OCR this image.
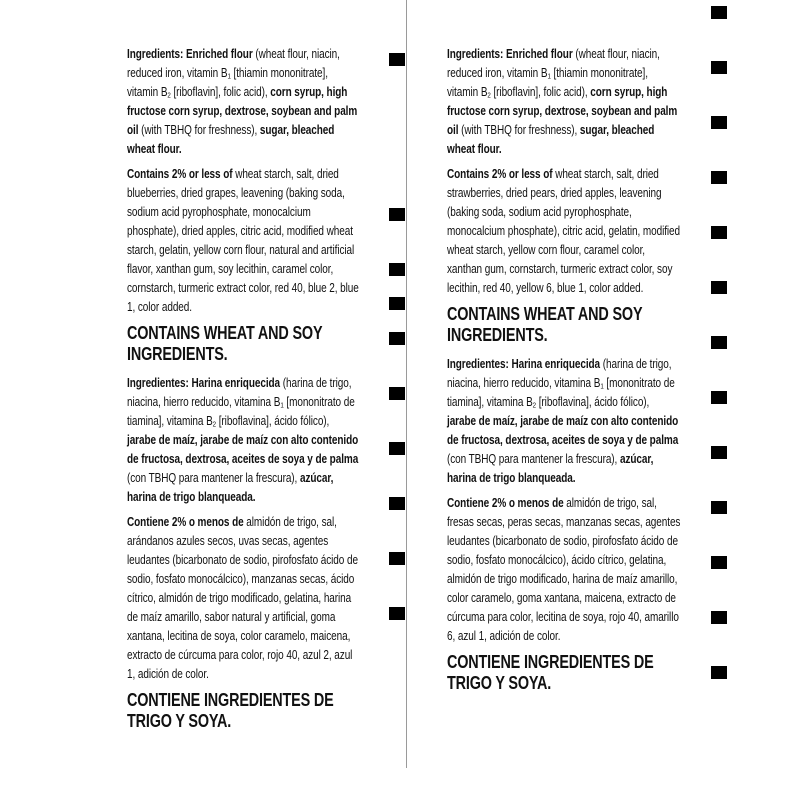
Ingredients: Enriched flour (wheat flour, niacin, reduced iron, vitamin $B_1$ [thiamin mononitrate], vitamin $B_2$ [riboflavin], folic acid), corn syrup, high fructose corn syrup, dextrose, soybean and palm oil (with TBHQ for freshness), sugar, bleached wheat flour.

Contains 2% or less of wheat starch, salt, dried blueberries, dried grapes, leavening (baking soda, sodium acid pyrophosphate, monocalcium phosphate), dried apples, citric acid, modified wheat starch, gelatin, yellow corn flour, natural and artificial flavor, xanthan gum, soy lecithin, caramel color, cornstarch, turmeric extract color, red 40, blue 2, blue 1, color added.

CONTAINS WHEAT AND SOY INGREDIENTS.

Ingredientes: Harina enriquecida (harina de trigo, niacina, hierro reducido, vitamina $B_1$ [mononitrato de tiamina], vitamina $B_2$ [riboflavina], ácido fólico), jarabe de maíz, jarabe de maíz con alto contenido de fructosa, dextrosa, aceites de soya y de palma (con TBHQ para mantener la frescura), azúcar, harina de trigo blanqueada.

Contiene 2% o menos de almidón de trigo, sal, arándanos azules secos, uvas secas, agentes leudantes (bicarbonato de sodio, pirofosfato ácido de sodio, fosfato monocálcico), manzanas secas, ácido cítrico, almidón de trigo modificado, gelatina, harina de maíz amarillo, sabor natural y artificial, goma xantana, lecitina de soya, color caramelo, maicena, extracto de cúrcuma para color, rojo 40, azul 2, azul 1, adición de color.

CONTIENE INGREDIENTES DE TRIGO Y SOYA.

Ingredients: Enriched flour (wheat flour, niacin, reduced iron, vitamin $B_1$ [thiamin mononitrate], vitamin $B_2$ [riboflavin], folic acid), corn syrup, high fructose corn syrup, dextrose, soybean and palm oil (with TBHQ for freshness), sugar, bleached wheat flour.

Contains 2% or less of wheat starch, salt, dried strawberries, dried pears, dried apples, leavening (baking soda, sodium acid pyrophosphate, monocalcium phosphate), citric acid, gelatin, modified wheat starch, yellow corn flour, caramel color, xanthan gum, cornstarch, turmeric extract color, soy lecithin, red 40, yellow 6, blue 1, color added.

CONTAINS WHEAT AND SOY INGREDIENTS.

Ingredientes: Harina enriquecida (harina de trigo, niacina, hierro reducido, vitamina $B_1$ [mononitrato de tiamina], vitamina $B_2$ [riboflavina], ácido fólico), jarabe de maíz, jarabe de maíz con alto contenido de fructosa, dextrosa, aceites de soya y de palma (con TBHQ para mantener la frescura), azúcar, harina de trigo blanqueada.

Contiene 2% o menos de almidón de trigo, sal, fresas secas, peras secas, manzanas secas, agentes leudantes (bicarbonato de sodio, pirofosfato ácido de sodio, fosfato monocálcico), ácido cítrico, gelatina, almidón de trigo modificado, harina de maíz amarillo, color caramelo, goma xantana, maicena, extracto de cúrcuma para color, lecitina de soya, rojo 40, amarillo 6, azul 1, adición de color.

CONTIENE INGREDIENTES DE TRIGO Y SOYA.
